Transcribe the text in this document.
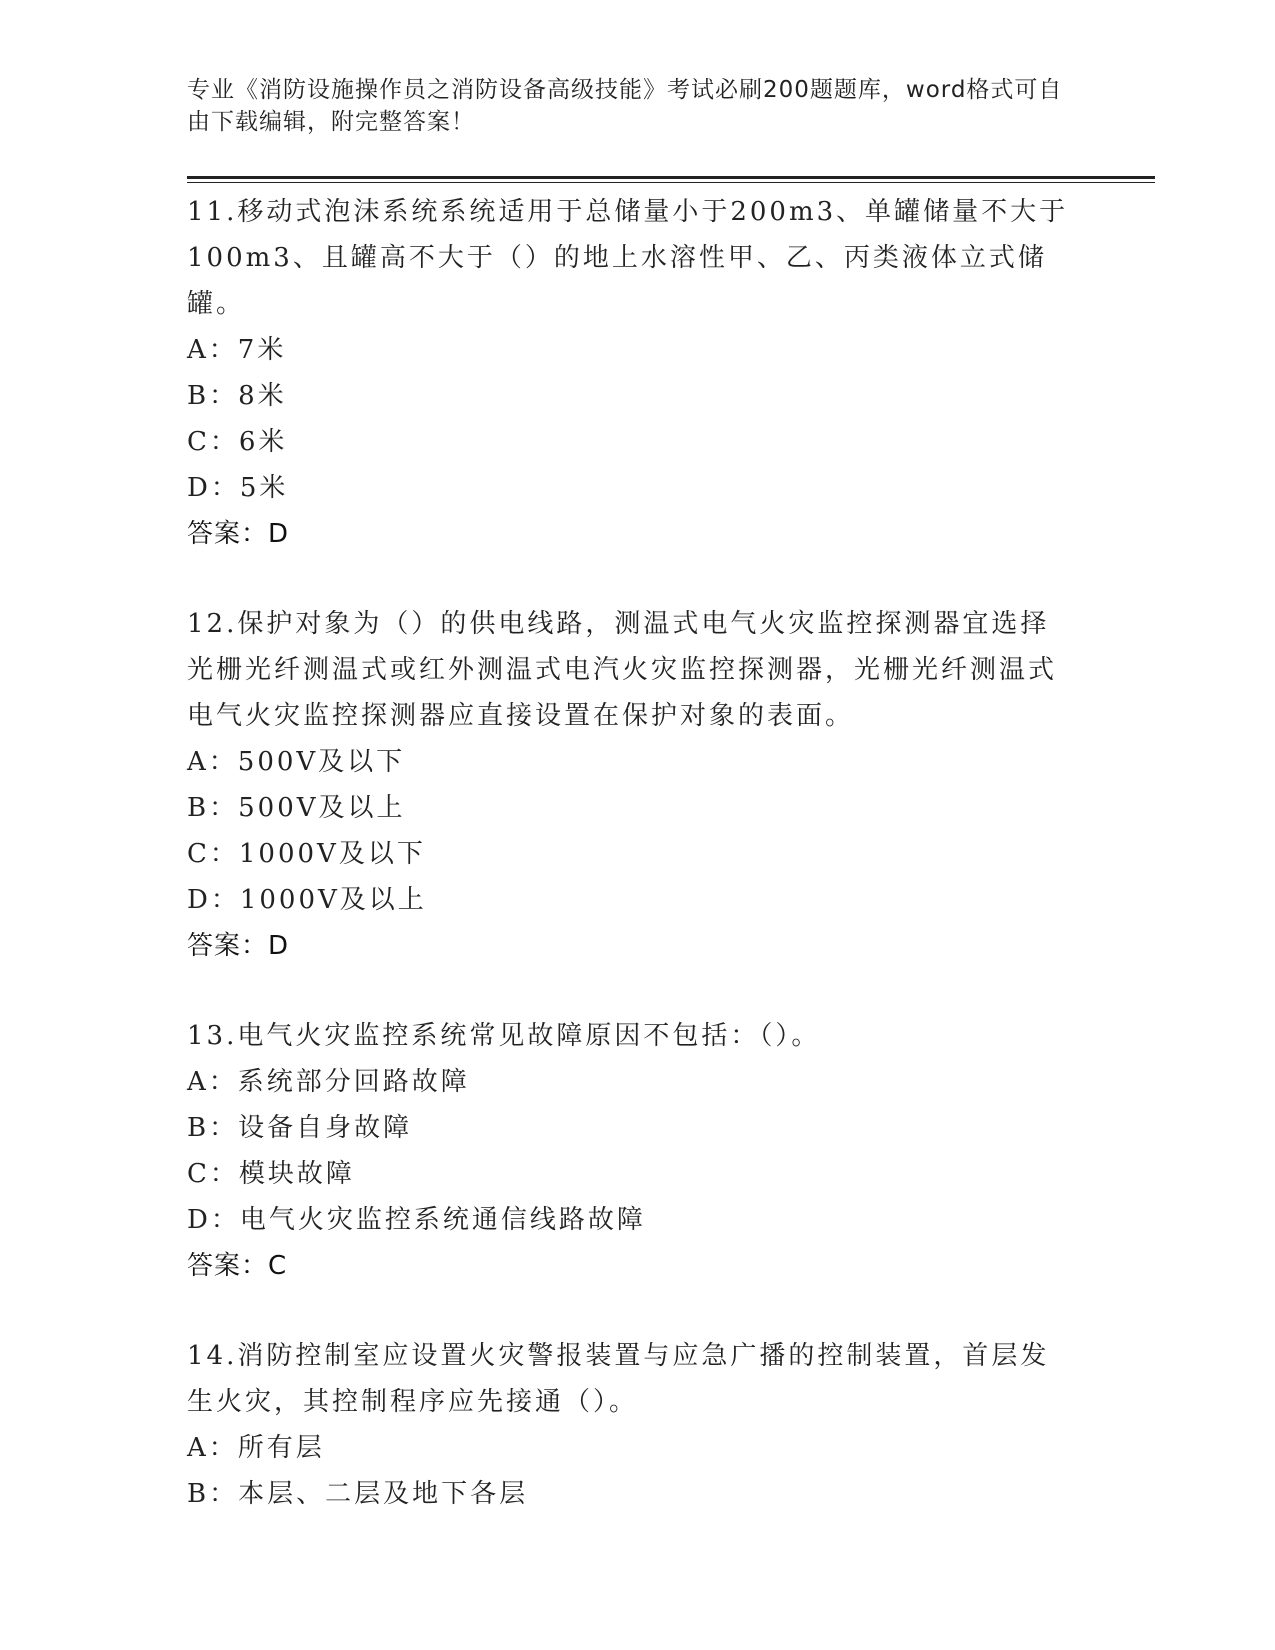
专业《消防设施操作员之消防设备高级技能》考试必刷200题题库，word格式可自由下载编辑，附完整答案！

11.移动式泡沫系统系统适用于总储量小于200m3、单罐储量不大于100m3、且罐高不大于（）的地上水溶性甲、乙、丙类液体立式储罐。

A：7米

B：8米

C：6米

D：5米

答案：D

12.保护对象为（）的供电线路，测温式电气火灾监控探测器宜选择光栅光纤测温式或红外测温式电汽火灾监控探测器，光栅光纤测温式电气火灾监控探测器应直接设置在保护对象的表面。

A：500V及以下

B：500V及以上

C：1000V及以下

D：1000V及以上

答案：D

13.电气火灾监控系统常见故障原因不包括：（）。

A：系统部分回路故障

B：设备自身故障

C：模块故障

D：电气火灾监控系统通信线路故障

答案：C

14.消防控制室应设置火灾警报装置与应急广播的控制装置，首层发生火灾，其控制程序应先接通（）。

A：所有层

B：本层、二层及地下各层
